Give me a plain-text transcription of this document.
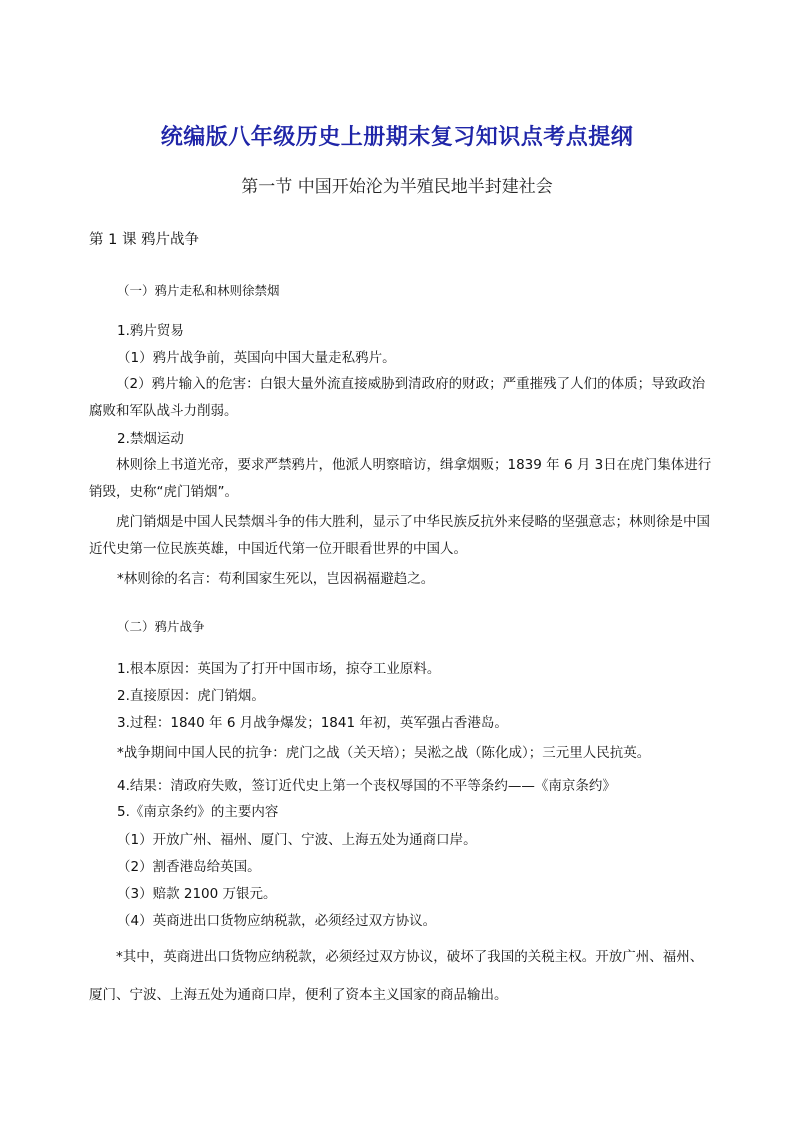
统编版八年级历史上册期末复习知识点考点提纲
第一节 中国开始沦为半殖民地半封建社会
第 1 课 鸦片战争
（一）鸦片走私和林则徐禁烟
1.鸦片贸易
（1）鸦片战争前，英国向中国大量走私鸦片。
（2）鸦片输入的危害：白银大量外流直接威胁到清政府的财政；严重摧残了人们的体质；导致政治腐败和军队战斗力削弱。
2.禁烟运动
林则徐上书道光帝，要求严禁鸦片，他派人明察暗访，缉拿烟贩；1839 年 6 月 3日在虎门集体进行销毁，史称“虎门销烟”。
虎门销烟是中国人民禁烟斗争的伟大胜利，显示了中华民族反抗外来侵略的坚强意志；林则徐是中国近代史第一位民族英雄，中国近代第一位开眼看世界的中国人。
*林则徐的名言：苟利国家生死以，岂因祸福避趋之。
（二）鸦片战争
1.根本原因：英国为了打开中国市场，掠夺工业原料。
2.直接原因：虎门销烟。
3.过程：1840 年 6 月战争爆发；1841 年初，英军强占香港岛。
*战争期间中国人民的抗争：虎门之战（关天培）；吴淞之战（陈化成）；三元里人民抗英。
4.结果：清政府失败，签订近代史上第一个丧权辱国的不平等条约——《南京条约》
5.《南京条约》的主要内容
（1）开放广州、福州、厦门、宁波、上海五处为通商口岸。
（2）割香港岛给英国。
（3）赔款 2100 万银元。
（4）英商进出口货物应纳税款，必须经过双方协议。
*其中，英商进出口货物应纳税款，必须经过双方协议，破坏了我国的关税主权。开放广州、福州、厦门、宁波、上海五处为通商口岸，便利了资本主义国家的商品输出。
